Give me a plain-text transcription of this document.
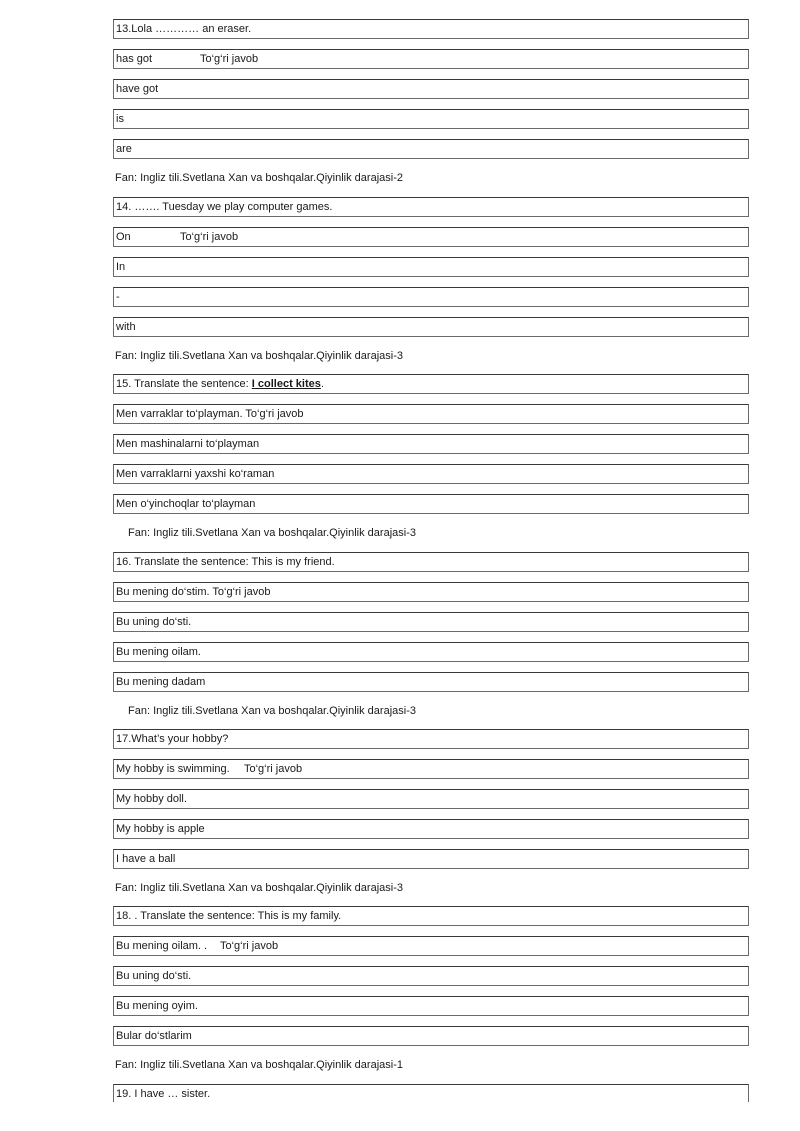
13.Lola ………… an eraser.
has got	To‘g‘ri javob
have got
is
are
Fan: Ingliz tili.Svetlana Xan va boshqalar.Qiyinlik darajasi-2
14. ……. Tuesday we play computer games.
On	To‘g‘ri javob
In
-
with
Fan: Ingliz tili.Svetlana Xan va boshqalar.Qiyinlik darajasi-3
15. Translate the sentence: I collect kites.
Men varraklar to‘playman. To‘g‘ri javob
Men mashinalarni to‘playman
Men varraklarni yaxshi ko‘raman
Men o‘yinchoqlar to‘playman
Fan: Ingliz tili.Svetlana Xan va boshqalar.Qiyinlik darajasi-3
16. Translate the sentence: This is my friend.
Bu mening do‘stim. To‘g‘ri javob
Bu uning do‘sti.
Bu mening oilam.
Bu mening dadam
Fan: Ingliz tili.Svetlana Xan va boshqalar.Qiyinlik darajasi-3
17.What’s your hobby?
My hobby is swimming. To‘g‘ri javob
My hobby doll.
My hobby is apple
I have a ball
Fan: Ingliz tili.Svetlana Xan va boshqalar.Qiyinlik darajasi-3
18. . Translate the sentence: This is my family.
Bu mening oilam. . To‘g‘ri javob
Bu uning do‘sti.
Bu mening oyim.
Bular do‘stlarim
Fan: Ingliz tili.Svetlana Xan va boshqalar.Qiyinlik darajasi-1
19. I have … sister.
